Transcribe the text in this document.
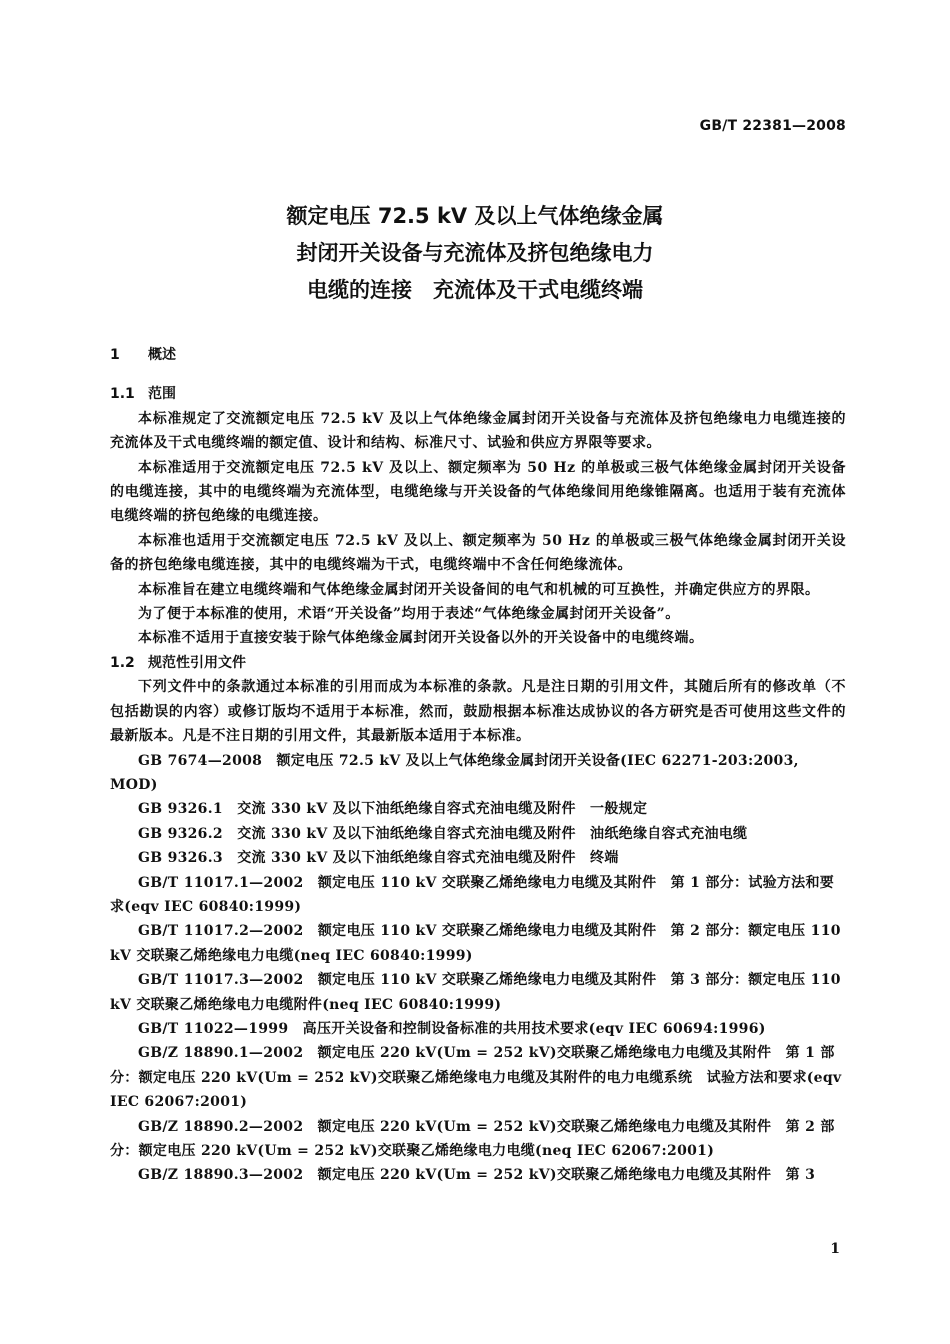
GB/T 22381—2008
额定电压 72.5 kV 及以上气体绝缘金属
封闭开关设备与充流体及挤包绝缘电力
电缆的连接　充流体及干式电缆终端
1 概述
1.1 范围

本标准规定了交流额定电压 72.5 kV 及以上气体绝缘金属封闭开关设备与充流体及挤包绝缘电力电缆连接的充流体及干式电缆终端的额定值、设计和结构、标准尺寸、试验和供应方界限等要求。

本标准适用于交流额定电压 72.5 kV 及以上、额定频率为 50 Hz 的单极或三极气体绝缘金属封闭开关设备的电缆连接，其中的电缆终端为充流体型，电缆绝缘与开关设备的气体绝缘间用绝缘锥隔离。也适用于装有充流体电缆终端的挤包绝缘的电缆连接。

本标准也适用于交流额定电压 72.5 kV 及以上、额定频率为 50 Hz 的单极或三极气体绝缘金属封闭开关设备的挤包绝缘电缆连接，其中的电缆终端为干式，电缆终端中不含任何绝缘流体。

本标准旨在建立电缆终端和气体绝缘金属封闭开关设备间的电气和机械的可互换性，并确定供应方的界限。

为了便于本标准的使用，术语“开关设备”均用于表述“气体绝缘金属封闭开关设备”。

本标准不适用于直接安装于除气体绝缘金属封闭开关设备以外的开关设备中的电缆终端。

1.2 规范性引用文件

下列文件中的条款通过本标准的引用而成为本标准的条款。凡是注日期的引用文件，其随后所有的修改单（不包括勘误的内容）或修订版均不适用于本标准，然而，鼓励根据本标准达成协议的各方研究是否可使用这些文件的最新版本。凡是不注日期的引用文件，其最新版本适用于本标准。

GB 7674—2008　额定电压 72.5 kV 及以上气体绝缘金属封闭开关设备(IEC 62271-203:2003, MOD)

GB 9326.1　交流 330 kV 及以下油纸绝缘自容式充油电缆及附件　一般规定

GB 9326.2　交流 330 kV 及以下油纸绝缘自容式充油电缆及附件　油纸绝缘自容式充油电缆

GB 9326.3　交流 330 kV 及以下油纸绝缘自容式充油电缆及附件　终端

GB/T 11017.1—2002　额定电压 110 kV 交联聚乙烯绝缘电力电缆及其附件　第 1 部分：试验方法和要求(eqv IEC 60840:1999)

GB/T 11017.2—2002　额定电压 110 kV 交联聚乙烯绝缘电力电缆及其附件　第 2 部分：额定电压 110 kV 交联聚乙烯绝缘电力电缆(neq IEC 60840:1999)

GB/T 11017.3—2002　额定电压 110 kV 交联聚乙烯绝缘电力电缆及其附件　第 3 部分：额定电压 110 kV 交联聚乙烯绝缘电力电缆附件(neq IEC 60840:1999)

GB/T 11022—1999　高压开关设备和控制设备标准的共用技术要求(eqv IEC 60694:1996)

GB/Z 18890.1—2002　额定电压 220 kV(Um = 252 kV)交联聚乙烯绝缘电力电缆及其附件　第 1 部分：额定电压 220 kV(Um = 252 kV)交联聚乙烯绝缘电力电缆及其附件的电力电缆系统　试验方法和要求(eqv IEC 62067:2001)

GB/Z 18890.2—2002　额定电压 220 kV(Um = 252 kV)交联聚乙烯绝缘电力电缆及其附件　第 2 部分：额定电压 220 kV(Um = 252 kV)交联聚乙烯绝缘电力电缆(neq IEC 62067:2001)

GB/Z 18890.3—2002　额定电压 220 kV(Um = 252 kV)交联聚乙烯绝缘电力电缆及其附件　第 3

1
